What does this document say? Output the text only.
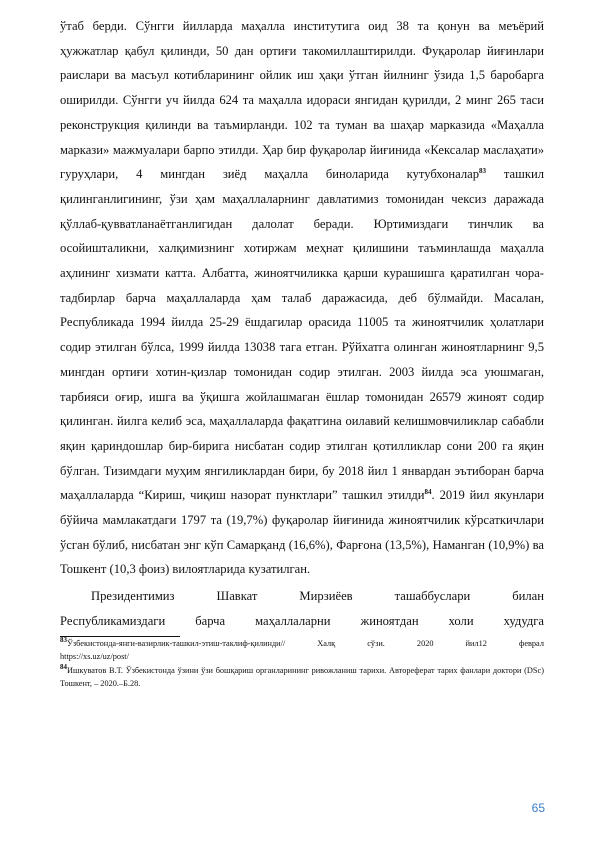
ўтаб берди. Сўнгги йилларда маҳалла институтига оид 38 та қонун ва меъёрий ҳужжатлар қабул қилинди, 50 дан ортиғи такомиллаштирилди. Фуқаролар йиғинлари раислари ва масъул котибларининг ойлик иш ҳақи ўтган йилнинг ўзида 1,5 баробарга оширилди. Сўнгги уч йилда 624 та маҳалла идораси янгидан қурилди, 2 минг 265 таси реконструкция қилинди ва таъмирланди. 102 та туман ва шаҳар марказида «Маҳалла маркази» мажмуалари барпо этилди. Ҳар бир фуқаролар йиғинида «Кексалар маслаҳати» гуруҳлари, 4 мингдан зиёд маҳалла биноларида кутубхоналар$^{83}$ ташкил қилинганлигининг, ўзи ҳам маҳаллаларнинг давлатимиз томонидан чексиз даражада қўллаб-қувватланаётганлигидан далолат беради. Юртимиздаги тинчлик ва осойишталикни, халқимизнинг хотиржам меҳнат қилишини таъминлашда маҳалла аҳлининг хизмати катта. Албатта, жиноятчиликка қарши курашишга қаратилган чора-тадбирлар барча маҳаллаларда ҳам талаб даражасида, деб бўлмайди. Масалан, Республикада 1994 йилда 25-29 ёшдагилар орасида 11005 та жиноятчилик ҳолатлари содир этилган бўлса, 1999 йилда 13038 тага етган. Рўйхатга олинган жиноятларнинг 9,5 мингдан ортиғи хотин-қизлар томонидан содир этилган. 2003 йилда эса уюшмаган, тарбияси оғир, ишга ва ўқишга жойлашмаган ёшлар томонидан 26579 жиноят содир қилинган. йилга келиб эса, маҳаллаларда фақатгина оилавий келишмовчиликлар сабабли яқин қариндошлар бир-бирига нисбатан содир этилган қотилликлар сони 200 га яқин бўлган. Тизимдаги муҳим янгиликлардан бири, бу 2018 йил 1 январдан эътиборан барча маҳаллаларда “Кириш, чиқиш назорат пунктлари” ташкил этилди$^{84}$. 2019 йил якунлари бўйича мамлакатдаги 1797 та (19,7%) фуқаролар йиғинида жиноятчилик кўрсаткичлари ўсган бўлиб, нисбатан энг кўп Самарқанд (16,6%), Фарғона (13,5%), Наманган (10,9%) ва Тошкент (10,3 фоиз) вилоятларида кузатилган.

Президентимиз	Шавкат	Мирзиёев	ташаббуслари	билан
Республикамиздаги барча маҳаллаларни жиноятдан холи худудга
$^{83}$Ўзбекистонда-янги-вазирлик-ташкил-этиш-таклиф-қилинди//	Халқ	сўзи.	2020	йил12	феврал
https://xs.uz/uz/post/

$^{84}$Ишкуватов В.Т. Ўзбекистонда ўзини ўзи бошқариш органларининг ривожланиш тарихи. Автореферат тарих фанлари доктори (DSc) Тошкент, – 2020.–Б.28.

65
